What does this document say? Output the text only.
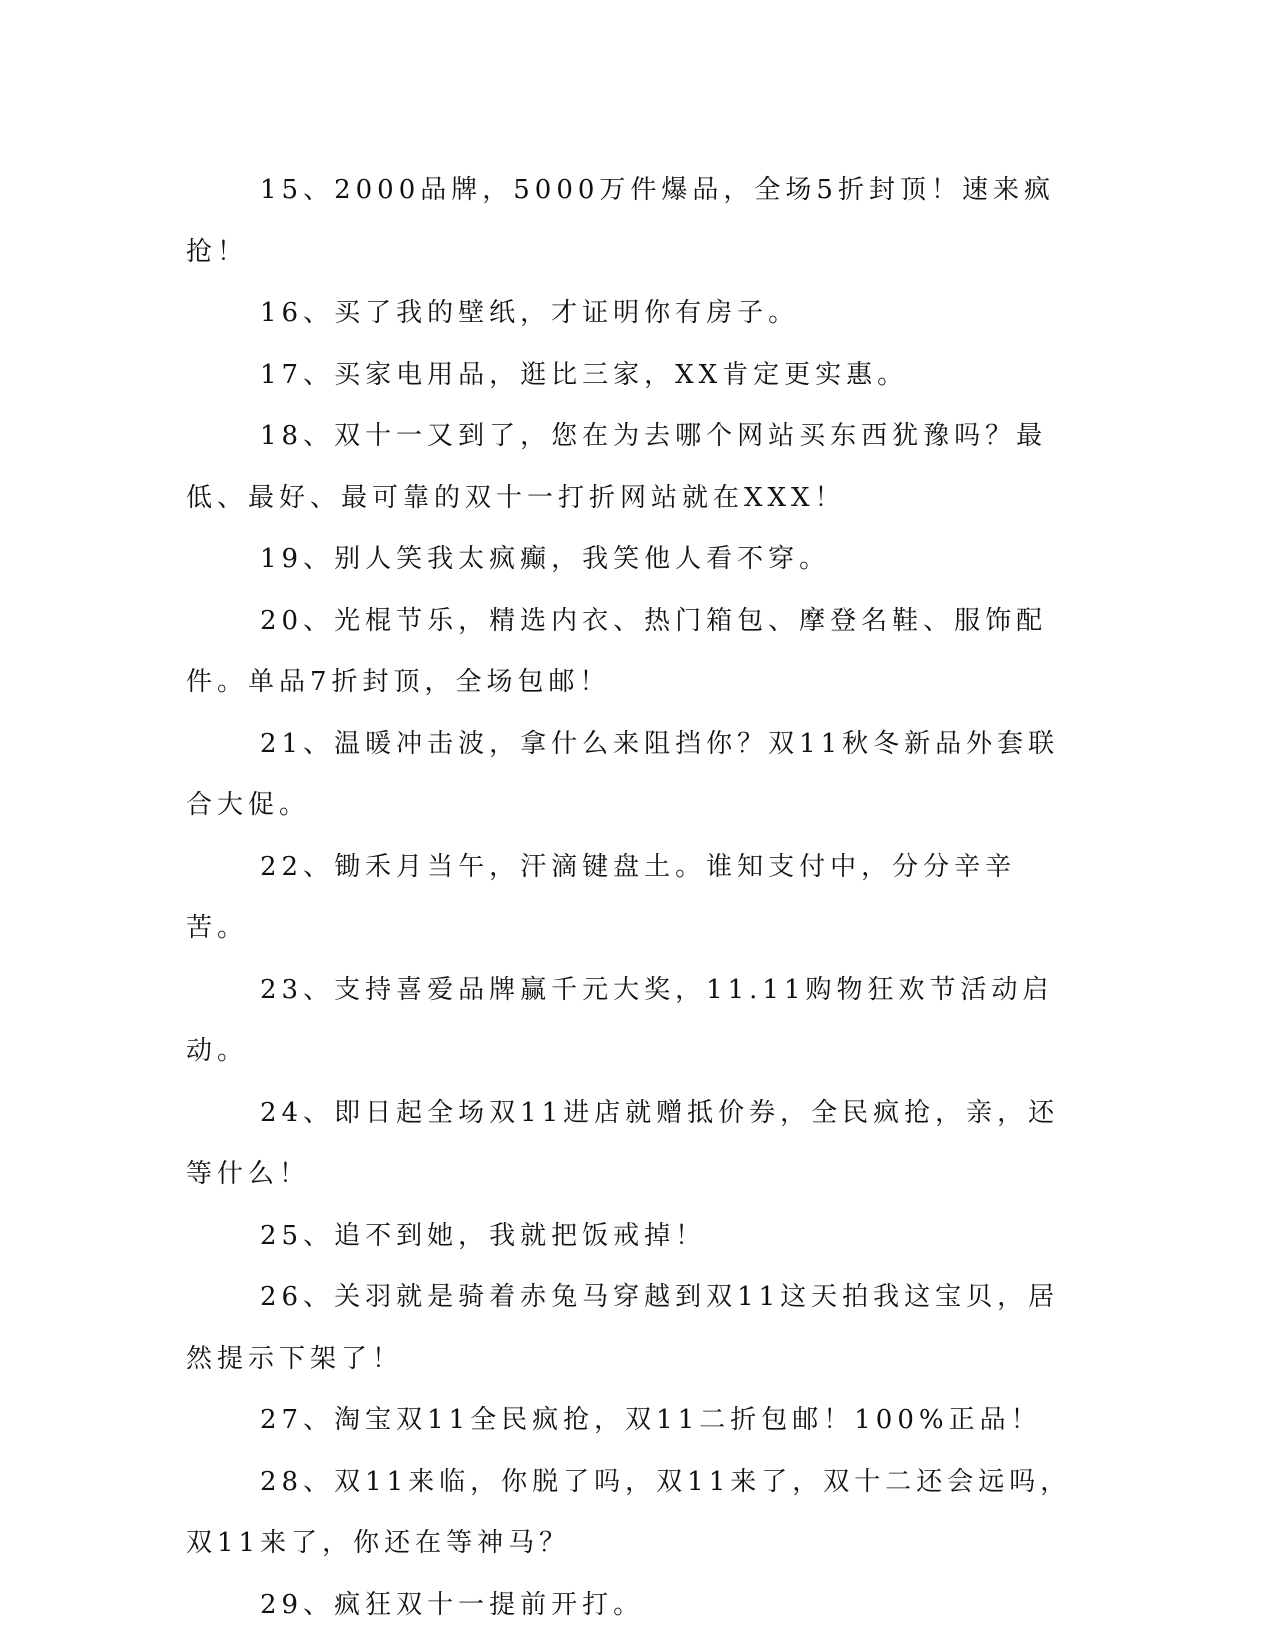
15、2000品牌，5000万件爆品，全场5折封顶！速来疯抢！

16、买了我的壁纸，才证明你有房子。

17、买家电用品，逛比三家，XX肯定更实惠。

18、双十一又到了，您在为去哪个网站买东西犹豫吗？最低、最好、最可靠的双十一打折网站就在XXX！

19、别人笑我太疯癫，我笑他人看不穿。

20、光棍节乐，精选内衣、热门箱包、摩登名鞋、服饰配件。单品7折封顶，全场包邮！

21、温暖冲击波，拿什么来阻挡你？双11秋冬新品外套联合大促。

22、锄禾月当午，汗滴键盘土。谁知支付中，分分辛辛苦。

23、支持喜爱品牌赢千元大奖，11.11购物狂欢节活动启动。

24、即日起全场双11进店就赠抵价券，全民疯抢，亲，还等什么！

25、追不到她，我就把饭戒掉！

26、关羽就是骑着赤兔马穿越到双11这天拍我这宝贝，居然提示下架了！

27、淘宝双11全民疯抢，双11二折包邮！100%正品！

28、双11来临，你脱了吗，双11来了，双十二还会远吗，双11来了，你还在等神马？

29、疯狂双十一提前开打。
